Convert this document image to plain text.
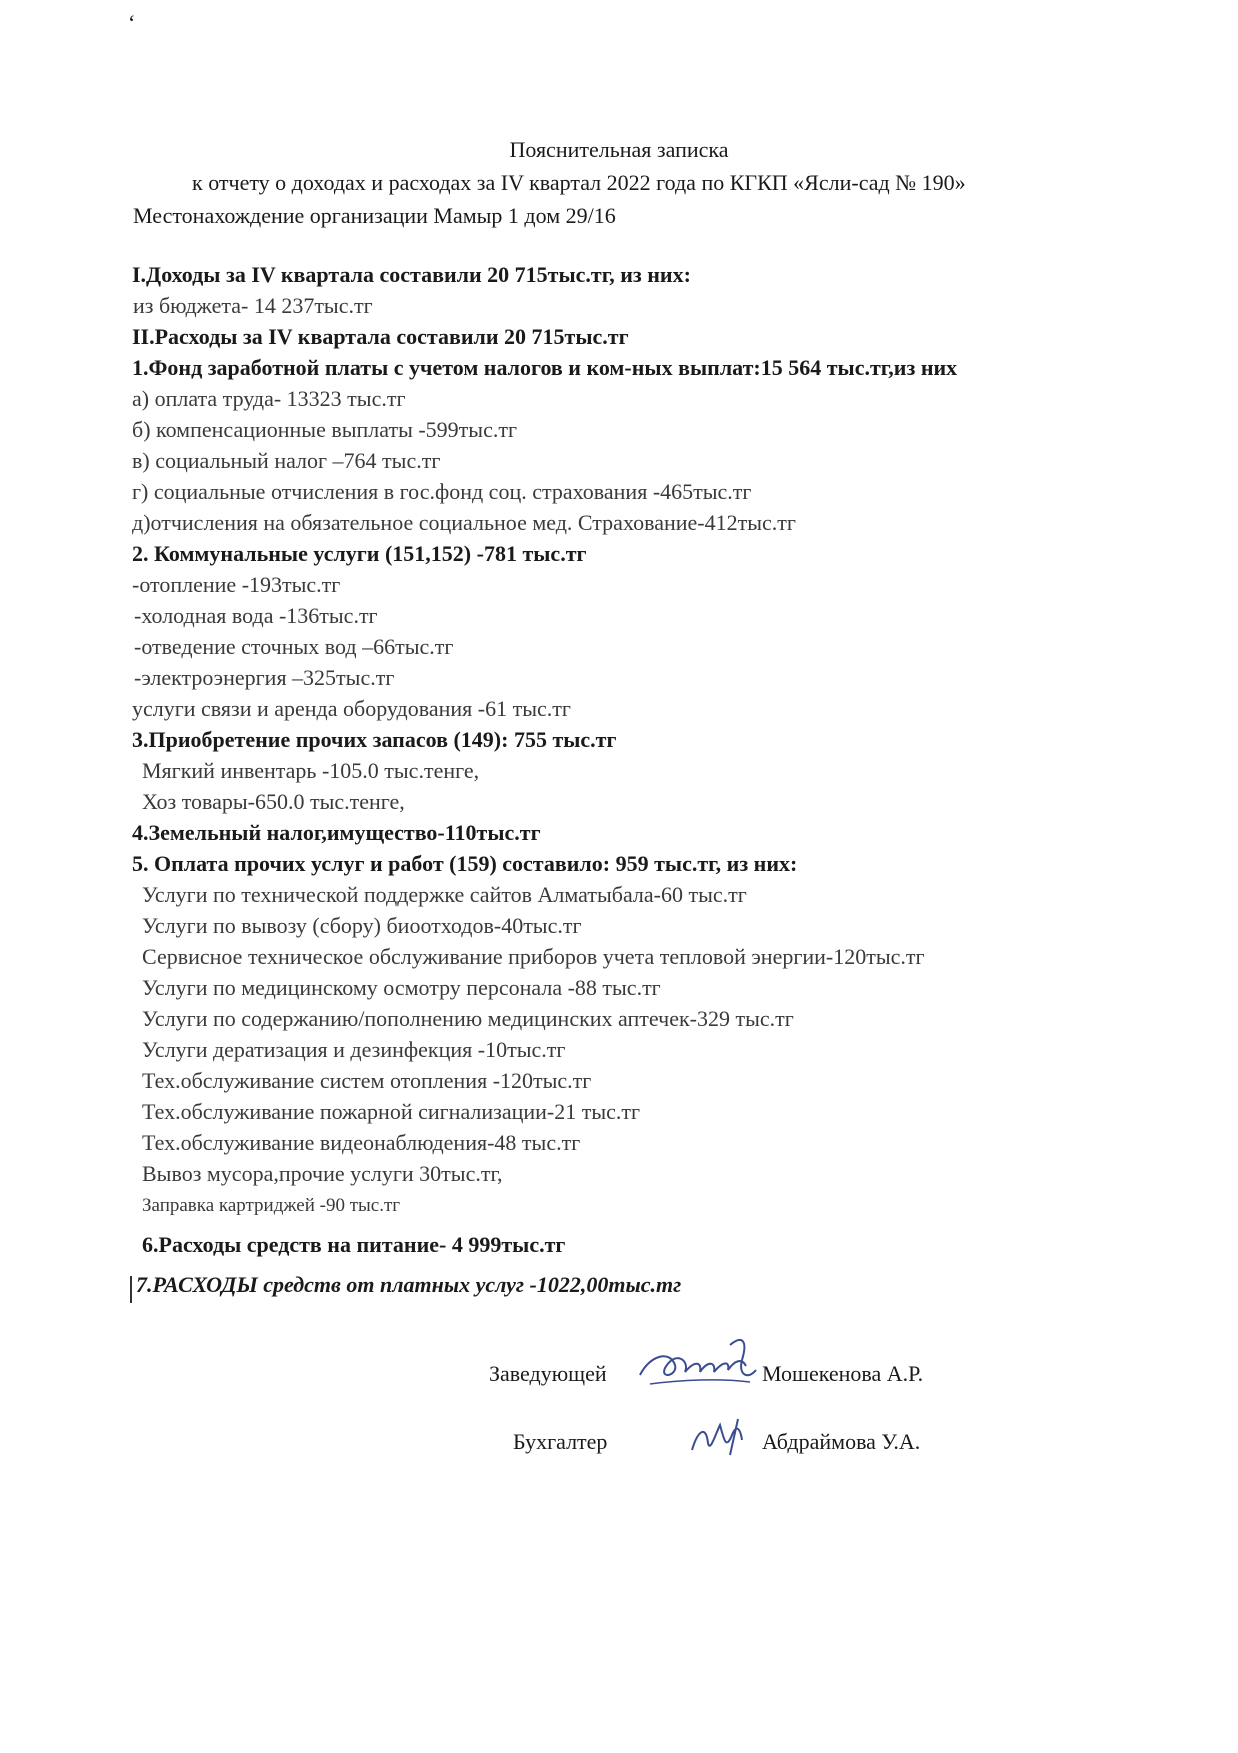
ʻ
Пояснительная записка
к отчету о доходах и расходах за IV квартал 2022 года по КГКП «Ясли-сад № 190»
Местонахождение организации Мамыр 1 дом 29/16
I.Доходы за IV квартала составили 20 715тыс.тг, из них:
из бюджета- 14 237тыс.тг
II.Расходы за IV квартала составили 20 715тыс.тг
1.Фонд заработной платы с учетом налогов и ком-ных выплат:15 564 тыс.тг,из них
а) оплата труда- 13323 тыс.тг
б) компенсационные выплаты -599тыс.тг
в) социальный налог –764 тыс.тг
г) социальные отчисления в гос.фонд соц. страхования -465тыс.тг
д)отчисления на обязательное социальное мед. Страхование-412тыс.тг
2. Коммунальные услуги (151,152) -781 тыс.тг
-отопление -193тыс.тг
-холодная вода -136тыс.тг
-отведение сточных вод –66тыс.тг
-электроэнергия –325тыс.тг
услуги связи и аренда оборудования -61 тыс.тг
3.Приобретение прочих запасов (149): 755 тыс.тг
Мягкий инвентарь -105.0 тыс.тенге,
Хоз товары-650.0 тыс.тенге,
4.Земельный налог,имущество-110тыс.тг
5. Оплата прочих услуг и работ (159) составило: 959 тыс.тг, из них:
Услуги по технической поддержке сайтов Алматыбала-60 тыс.тг
Услуги по вывозу (сбору) биоотходов-40тыс.тг
Сервисное техническое обслуживание приборов учета тепловой энергии-120тыс.тг
Услуги по медицинскому осмотру персонала -88 тыс.тг
Услуги по содержанию/пополнению медицинских аптечек-329 тыс.тг
Услуги дератизация и дезинфекция -10тыс.тг
Тех.обслуживание систем отопления -120тыс.тг
Тех.обслуживание пожарной сигнализации-21 тыс.тг
Тех.обслуживание видеонаблюдения-48 тыс.тг
Вывоз мусора,прочие услуги 30тыс.тг,
Заправка картриджей -90 тыс.тг
6.Расходы средств на питание- 4 999тыс.тг
7.РАСХОДЫ средств от платных услуг -1022,00тыс.тг
Заведующей	Мошекенова А.Р.
Бухгалтер	Абдраймова У.А.
